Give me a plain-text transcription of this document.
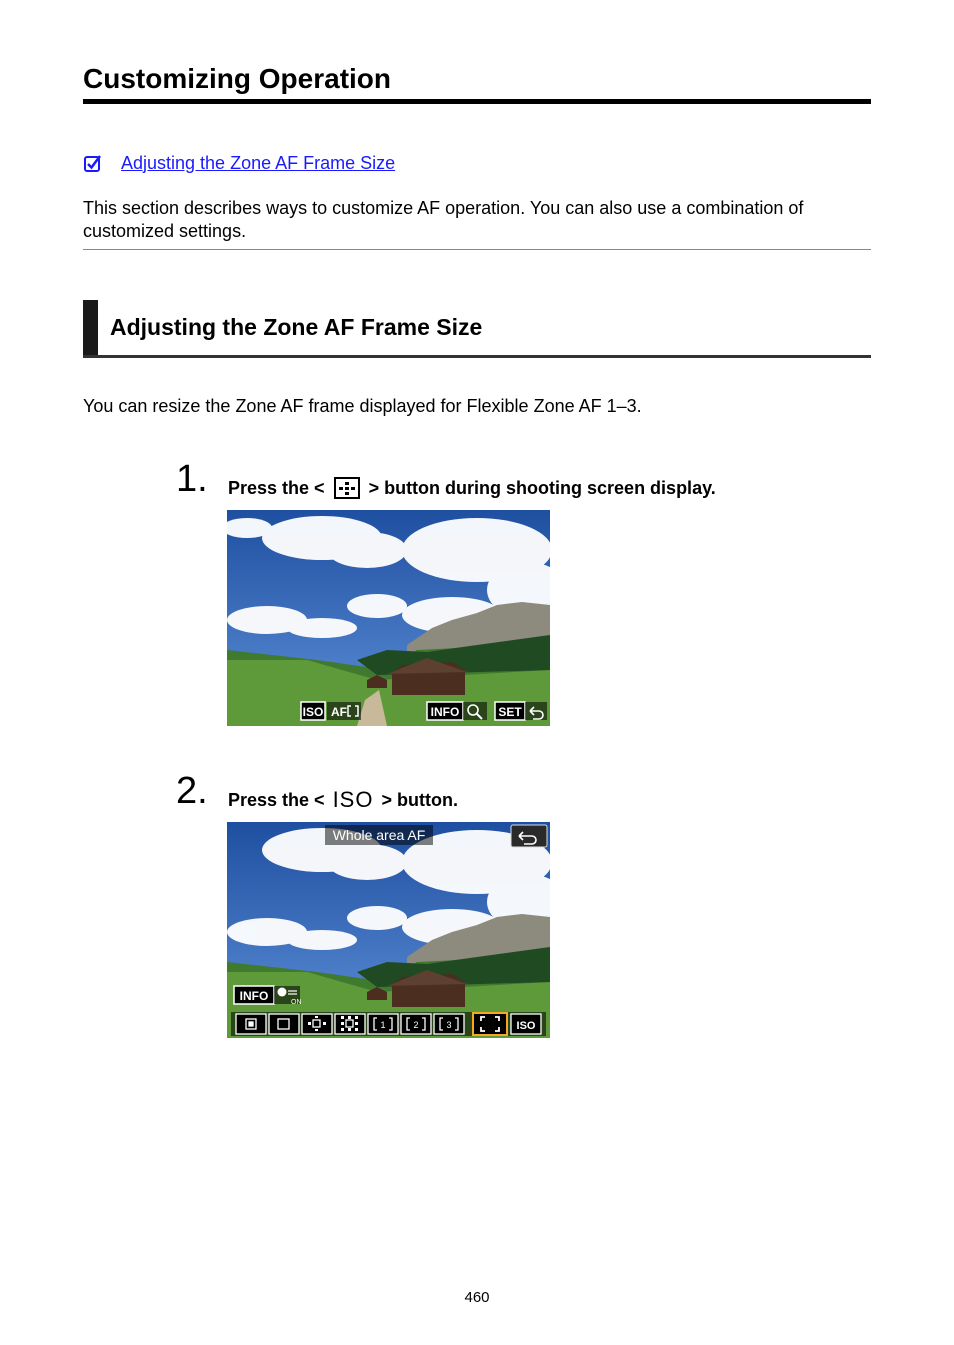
Customizing Operation
Adjusting the Zone AF Frame Size

This section describes ways to customize AF operation. You can also use a combination of customized settings.

Adjusting the Zone AF Frame Size

You can resize the Zone AF frame displayed for Flexible Zone AF 1–3.

1. Press the < > button during shooting screen display.
ISO AF	INFO	SET
2. Press the < ISO > button.
Whole area AF
INFO	ON
1	2	3	ISO
460
